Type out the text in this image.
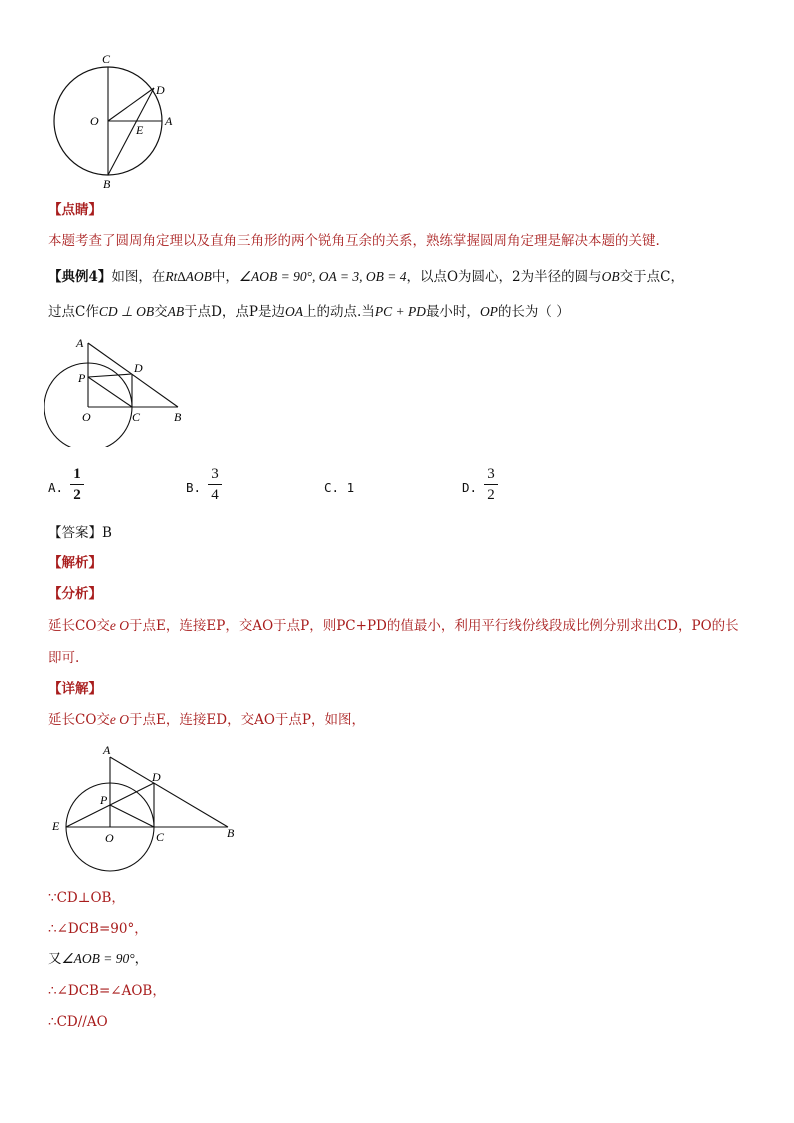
C
D
O
E
A
B
【点睛】
本题考查了圆周角定理以及直角三角形的两个锐角互余的关系，熟练掌握圆周角定理是解决本题的关键.
【典例4】如图，在Rt∆AOB中，∠AOB = 90°, OA = 3, OB = 4，以点O为圆心，2为半径的圆与OB交于点C，
过点C作CD ⊥ OB交AB于点D，点P是边OA上的动点.当PC + PD最小时，OP的长为（ ）
A
D
P
O	C	B
A.
1
2	B.
3
4	C. 1	D.
3
2
【答案】B
【解析】
【分析】
延长CO交e O于点E，连接EP，交AO于点P，则PC+PD的值最小，利用平行线份线段成比例分别求出CD，PO的长
即可.
【详解】
延长CO交e O于点E，连接ED，交AO于点P，如图，
A
D
P
E
O	C	B
∵CD⊥OB，
∴∠DCB=90°，
又∠AOB = 90°，
∴∠DCB=∠AOB，
∴CD//AO
